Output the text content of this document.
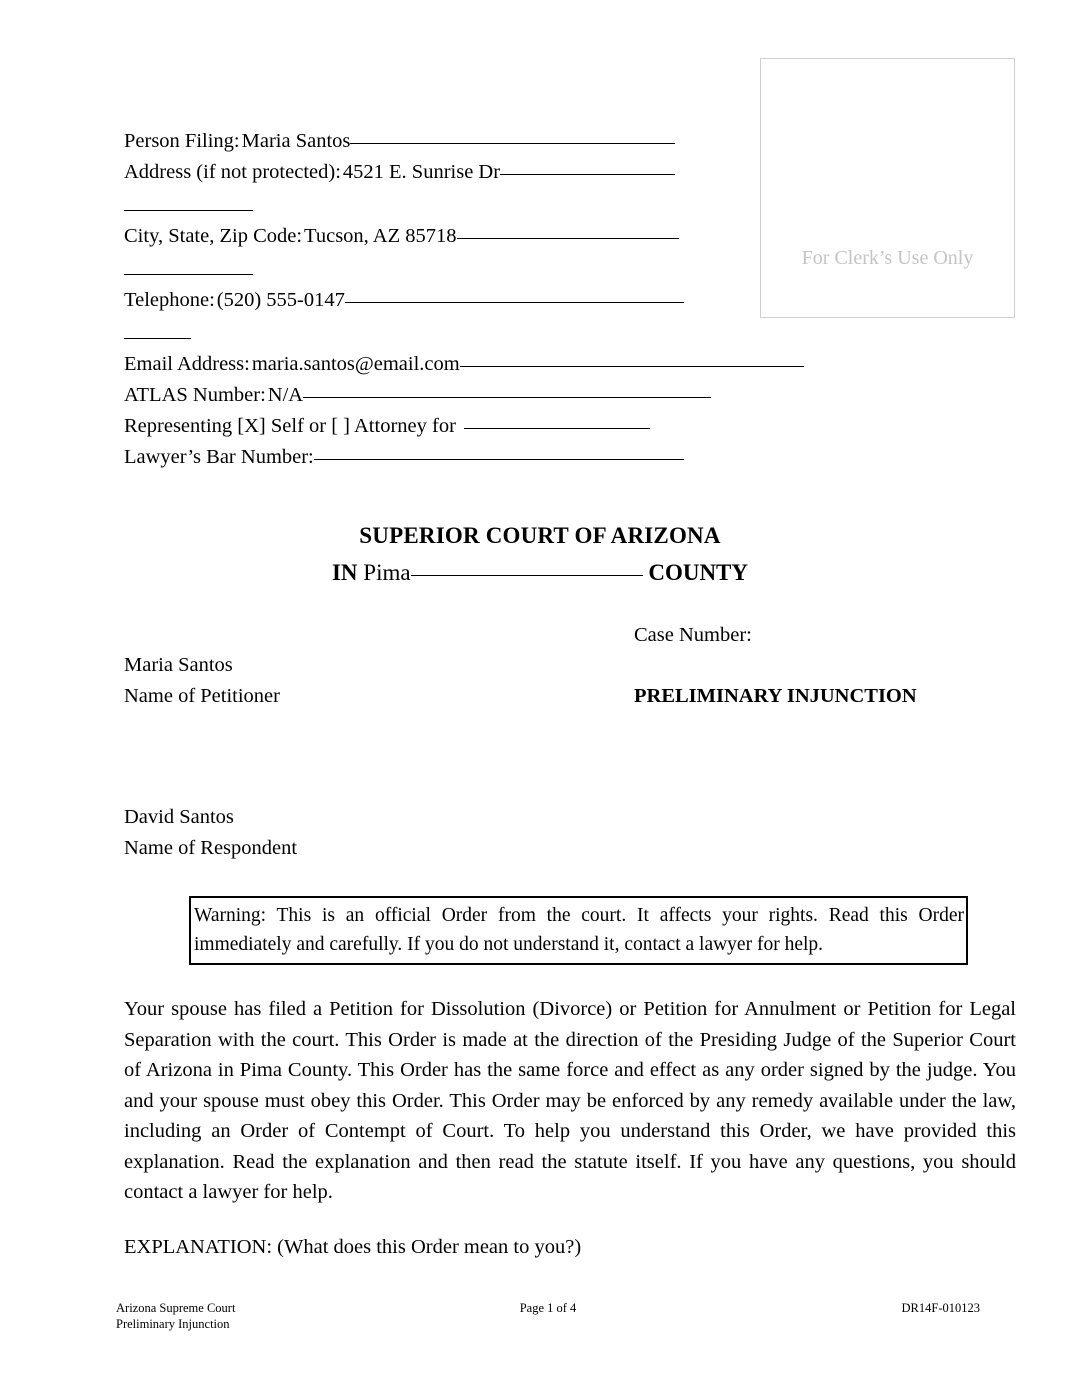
For Clerk’s Use Only
Person Filing:Maria Santos
Address (if not protected):4521 E. Sunrise Dr
City, State, Zip Code:Tucson, AZ 85718
Telephone:(520) 555-0147
Email Address:maria.santos@email.com
ATLAS Number:N/A
Representing [X] Self or [ ] Attorney for
Lawyer’s Bar Number:
SUPERIOR COURT OF ARIZONA
IN Pima	COUNTY
Case Number:
Maria Santos
Name of Petitioner	PRELIMINARY INJUNCTION
David Santos
Name of Respondent
Warning: This is an official Order from the court. It affects your rights. Read this Order immediately and carefully. If you do not understand it, contact a lawyer for help.
Your spouse has filed a Petition for Dissolution (Divorce) or Petition for Annulment or Petition for Legal Separation with the court. This Order is made at the direction of the Presiding Judge of the Superior Court of Arizona in Pima County. This Order has the same force and effect as any order signed by the judge. You and your spouse must obey this Order. This Order may be enforced by any remedy available under the law, including an Order of Contempt of Court. To help you understand this Order, we have provided this explanation. Read the explanation and then read the statute itself. If you have any questions, you should contact a lawyer for help.
EXPLANATION: (What does this Order mean to you?)
Arizona Supreme Court
Preliminary Injunction
Page 1 of 4	DR14F-010123
